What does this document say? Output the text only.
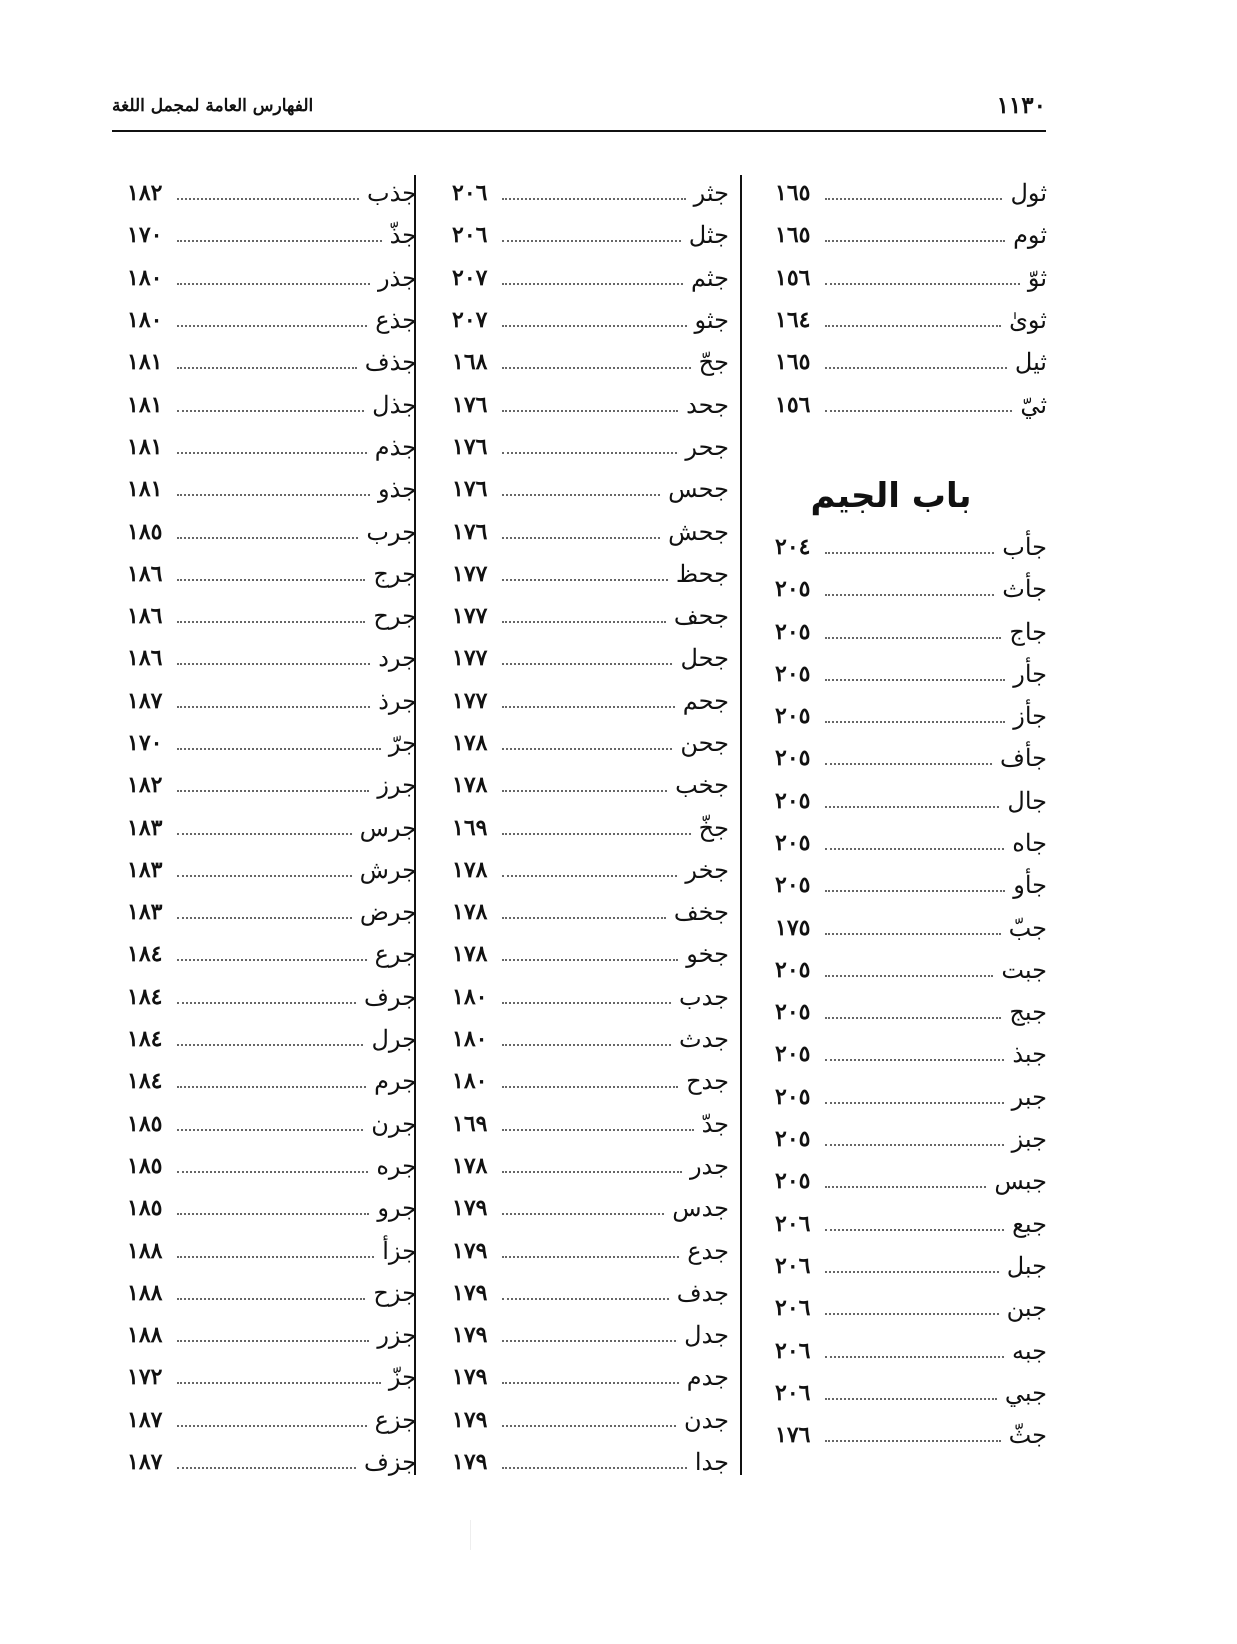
١١٣٠
الفهارس العامة لمجمل اللغة
ثول
١٦٥
ثوم
١٦٥
ثوّ
١٥٦
ثوىٰ
١٦٤
ثيل
١٦٥
ثيّ
١٥٦
باب الجيم
جأب
٢٠٤
جأث
٢٠٥
جاج
٢٠٥
جأر
٢٠٥
جأز
٢٠٥
جأف
٢٠٥
جال
٢٠٥
جاه
٢٠٥
جأو
٢٠٥
جبّ
١٧٥
جبت
٢٠٥
جبج
٢٠٥
جبذ
٢٠٥
جبر
٢٠٥
جبز
٢٠٥
جبس
٢٠٥
جبع
٢٠٦
جبل
٢٠٦
جبن
٢٠٦
جبه
٢٠٦
جبي
٢٠٦
جثّ
١٧٦
جثر
٢٠٦
جثل
٢٠٦
جثم
٢٠٧
جثو
٢٠٧
جحّ
١٦٨
جحد
١٧٦
جحر
١٧٦
جحس
١٧٦
جحش
١٧٦
جحظ
١٧٧
جحف
١٧٧
جحل
١٧٧
جحم
١٧٧
جحن
١٧٨
جخب
١٧٨
جخّ
١٦٩
جخر
١٧٨
جخف
١٧٨
جخو
١٧٨
جدب
١٨٠
جدث
١٨٠
جدح
١٨٠
جدّ
١٦٩
جدر
١٧٨
جدس
١٧٩
جدع
١٧٩
جدف
١٧٩
جدل
١٧٩
جدم
١٧٩
جدن
١٧٩
جدا
١٧٩
جذب
١٨٢
جذّ
١٧٠
جذر
١٨٠
جذع
١٨٠
جذف
١٨١
جذل
١٨١
جذم
١٨١
جذو
١٨١
جرب
١٨٥
جرج
١٨٦
جرح
١٨٦
جرد
١٨٦
جرذ
١٨٧
جرّ
١٧٠
جرز
١٨٢
جرس
١٨٣
جرش
١٨٣
جرض
١٨٣
جرع
١٨٤
جرف
١٨٤
جرل
١٨٤
جرم
١٨٤
جرن
١٨٥
جره
١٨٥
جرو
١٨٥
جزأ
١٨٨
جزح
١٨٨
جزر
١٨٨
جزّ
١٧٢
جزع
١٨٧
جزف
١٨٧
